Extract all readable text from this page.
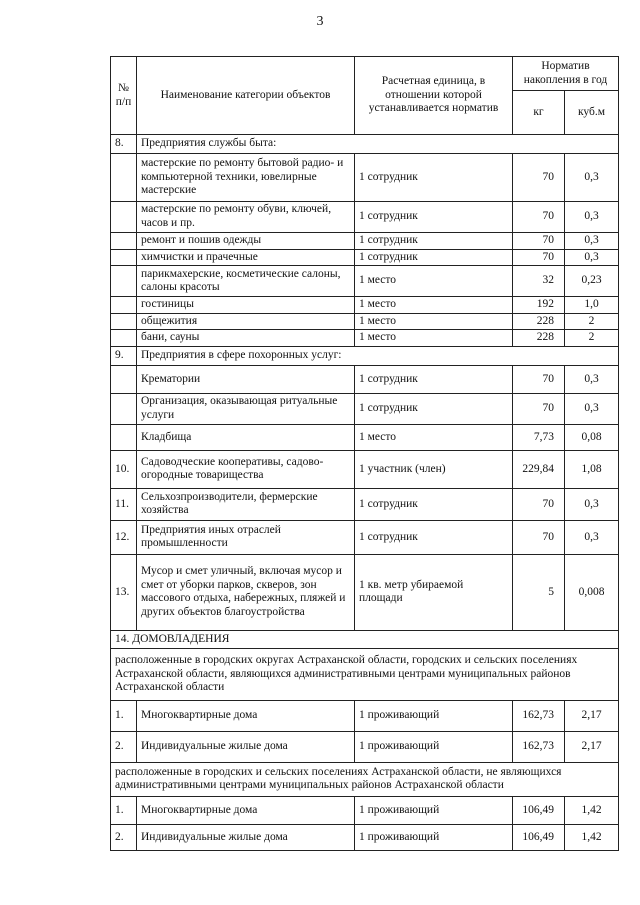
3
№ п/п	Наименование категории объектов	Расчетная единица, в отношении которой устанавливается норматив	Норматив накопления в год	
			кг	куб.м
8.	Предприятия службы быта:			
	мастерские по ремонту бытовой радио- и компьютерной техники, ювелирные мастерские	1 сотрудник	70	0,3
	мастерские по ремонту обуви, ключей, часов и пр.	1 сотрудник	70	0,3
	ремонт и пошив одежды	1 сотрудник	70	0,3
	химчистки и прачечные	1 сотрудник	70	0,3
	парикмахерские, косметические салоны, салоны красоты	1 место	32	0,23
	гостиницы	1 место	192	1,0
	общежития	1 место	228	2
	бани, сауны	1 место	228	2
9.	Предприятия в сфере похоронных услуг:			
	Крематории	1 сотрудник	70	0,3
	Организация, оказывающая ритуальные услуги	1 сотрудник	70	0,3
	Кладбища	1 место	7,73	0,08
10.	Садоводческие кооперативы, садово-огородные товарищества	1 участник (член)	229,84	1,08
11.	Сельхозпроизводители, фермерские хозяйства	1 сотрудник	70	0,3
12.	Предприятия иных отраслей промышленности	1 сотрудник	70	0,3
13.	Мусор и смет уличный, включая мусор и смет от уборки парков, скверов, зон массового отдыха, набережных, пляжей и других объектов благоустройства	1 кв. метр убираемой площади	5	0,008
14. ДОМОВЛАДЕНИЯ				
расположенные в городских округах Астраханской области, городских и сельских поселениях Астраханской области, являющихся административными центрами муниципальных районов Астраханской области				
1.	Многоквартирные дома	1 проживающий	162,73	2,17
2.	Индивидуальные жилые дома	1 проживающий	162,73	2,17
расположенные в городских и сельских поселениях Астраханской области, не являющихся административными центрами муниципальных районов Астраханской области				
1.	Многоквартирные дома	1 проживающий	106,49	1,42
2.	Индивидуальные жилые дома	1 проживающий	106,49	1,42
